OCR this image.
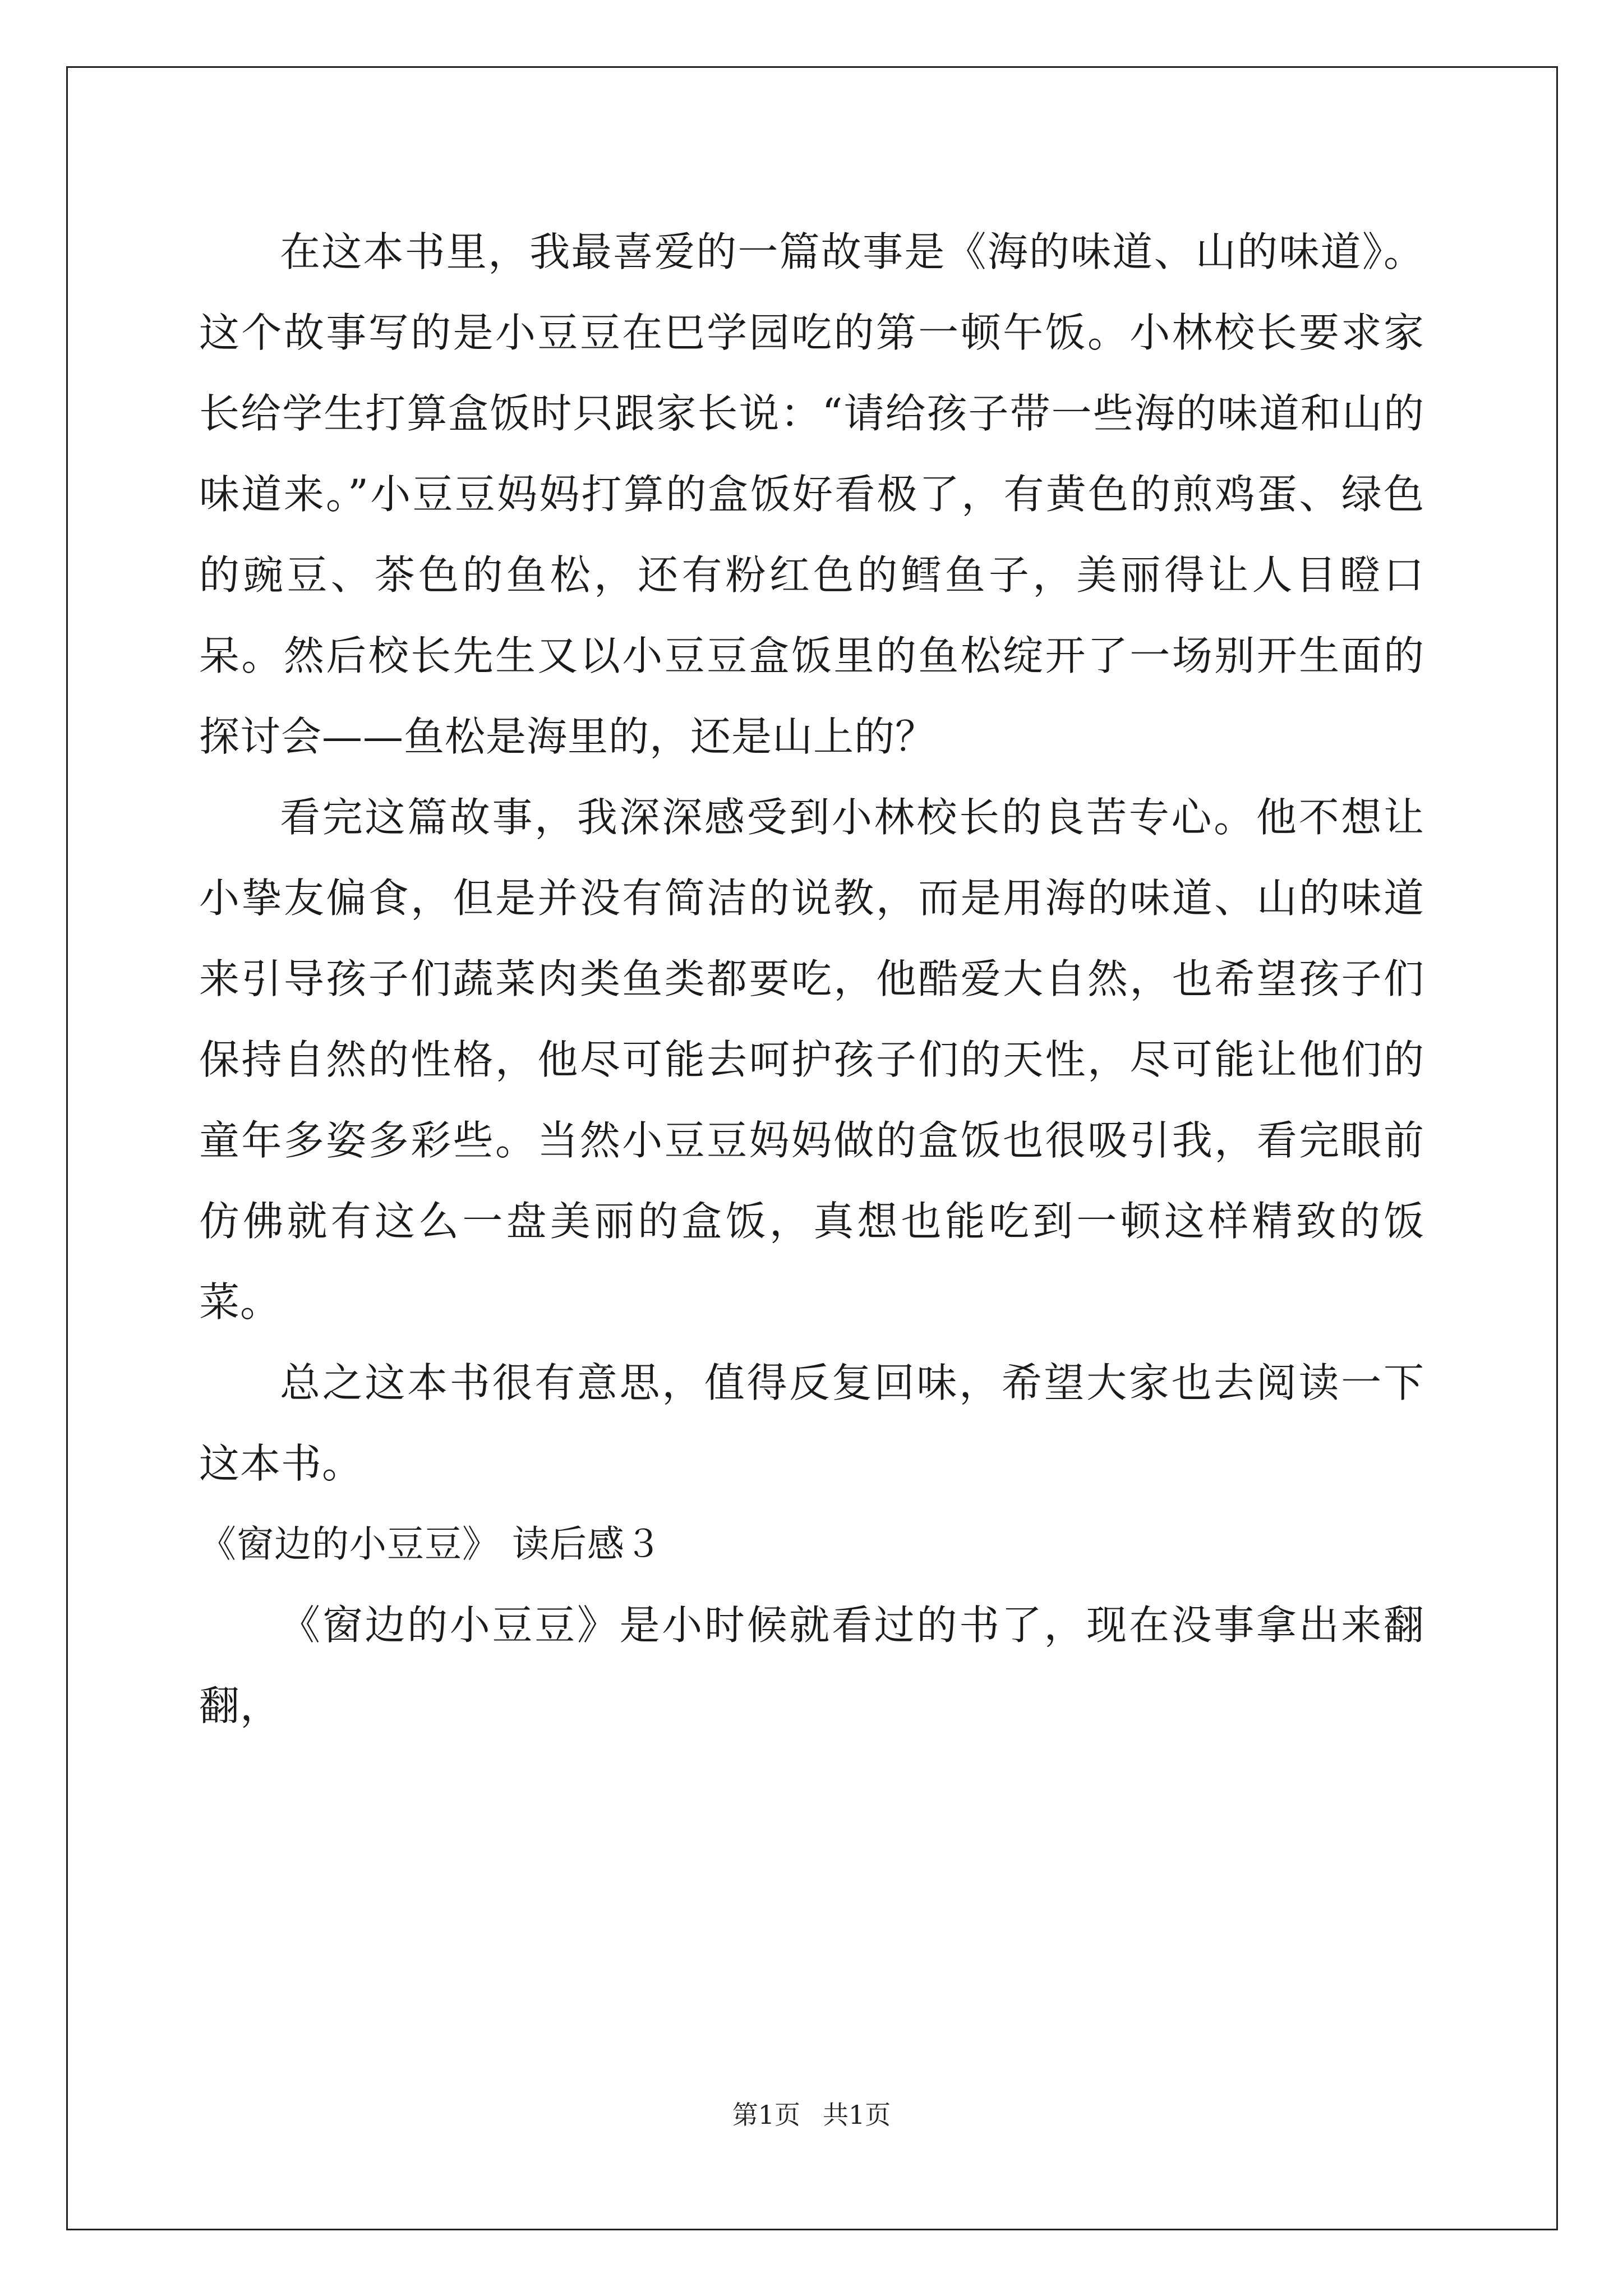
在这本书里，我最喜爱的一篇故事是《海的味道、山的味道》。这个故事写的是小豆豆在巴学园吃的第一顿午饭。小林校长要求家长给学生打算盒饭时只跟家长说：“请给孩子带一些海的味道和山的味道来。”小豆豆妈妈打算的盒饭好看极了，有黄色的煎鸡蛋、绿色的豌豆、茶色的鱼松，还有粉红色的鳕鱼子，美丽得让人目瞪口呆。然后校长先生又以小豆豆盒饭里的鱼松绽开了一场别开生面的探讨会——鱼松是海里的，还是山上的？

看完这篇故事，我深深感受到小林校长的良苦专心。他不想让小挚友偏食，但是并没有简洁的说教，而是用海的味道、山的味道来引导孩子们蔬菜肉类鱼类都要吃，他酷爱大自然，也希望孩子们保持自然的性格，他尽可能去呵护孩子们的天性，尽可能让他们的童年多姿多彩些。当然小豆豆妈妈做的盒饭也很吸引我，看完眼前仿佛就有这么一盘美丽的盒饭，真想也能吃到一顿这样精致的饭菜。

总之这本书很有意思，值得反复回味，希望大家也去阅读一下这本书。

《窗边的小豆豆》 读后感３

《窗边的小豆豆》是小时候就看过的书了，现在没事拿出来翻翻，

第1页 共1页
